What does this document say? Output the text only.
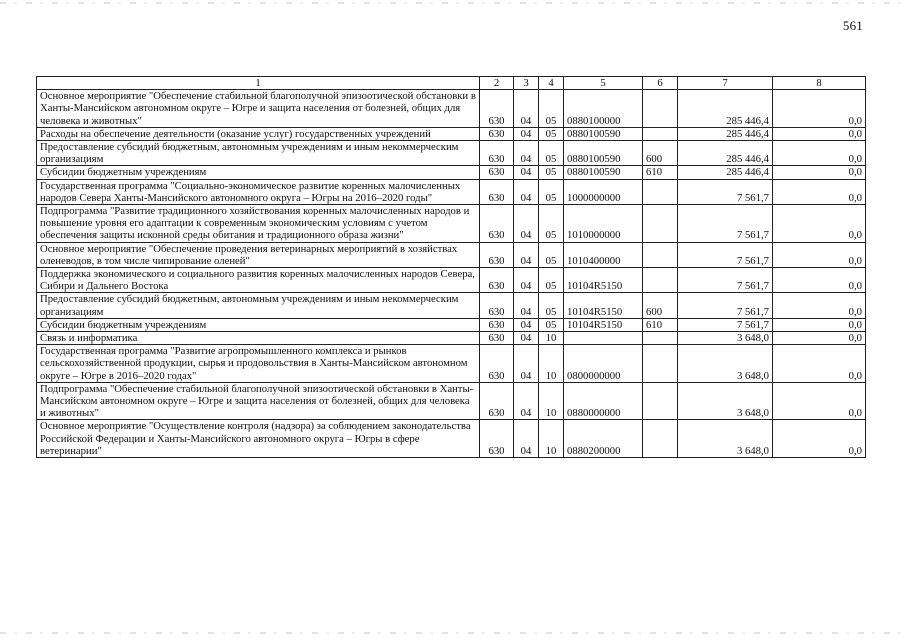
561
1	2	3	4	5	6	7	8
Основное мероприятие "Обеспечение стабильной благополучной эпизоотической обстановки в Ханты-Мансийском автономном округе – Югре и защита населения от болезней, общих для человека и животных"	630	04	05	0880100000		285 446,4	0,0
Расходы на обеспечение деятельности (оказание услуг) государственных учреждений	630	04	05	0880100590		285 446,4	0,0
Предоставление субсидий бюджетным, автономным учреждениям и иным некоммерческим организациям	630	04	05	0880100590	600	285 446,4	0,0
Субсидии бюджетным учреждениям	630	04	05	0880100590	610	285 446,4	0,0
Государственная программа "Социально-экономическое развитие коренных малочисленных народов Севера Ханты-Мансийского автономного округа – Югры на 2016–2020 годы"	630	04	05	1000000000		7 561,7	0,0
Подпрограмма "Развитие традиционного хозяйствования коренных малочисленных народов и повышение уровня его адаптации к современным экономическим условиям с учетом обеспечения защиты исконной среды обитания и традиционного образа жизни"	630	04	05	1010000000		7 561,7	0,0
Основное мероприятие "Обеспечение проведения ветеринарных мероприятий в хозяйствах оленеводов, в том числе чипирование оленей"	630	04	05	1010400000		7 561,7	0,0
Поддержка экономического и социального развития коренных малочисленных народов Севера, Сибири и Дальнего Востока	630	04	05	10104R5150		7 561,7	0,0
Предоставление субсидий бюджетным, автономным учреждениям и иным некоммерческим организациям	630	04	05	10104R5150	600	7 561,7	0,0
Субсидии бюджетным учреждениям	630	04	05	10104R5150	610	7 561,7	0,0
Связь и информатика	630	04	10			3 648,0	0,0
Государственная программа "Развитие агропромышленного комплекса и рынков сельскохозяйственной продукции, сырья и продовольствия в Ханты-Мансийском автономном округе – Югре в 2016–2020 годах"	630	04	10	0800000000		3 648,0	0,0
Подпрограмма "Обеспечение стабильной благополучной эпизоотической обстановки в Ханты-Мансийском автономном округе – Югре и защита населения от болезней, общих для человека и животных"	630	04	10	0880000000		3 648,0	0,0
Основное мероприятие "Осуществление контроля (надзора) за соблюдением законодательства Российской Федерации и Ханты-Мансийского автономного округа – Югры в сфере ветеринарии"	630	04	10	0880200000		3 648,0	0,0
